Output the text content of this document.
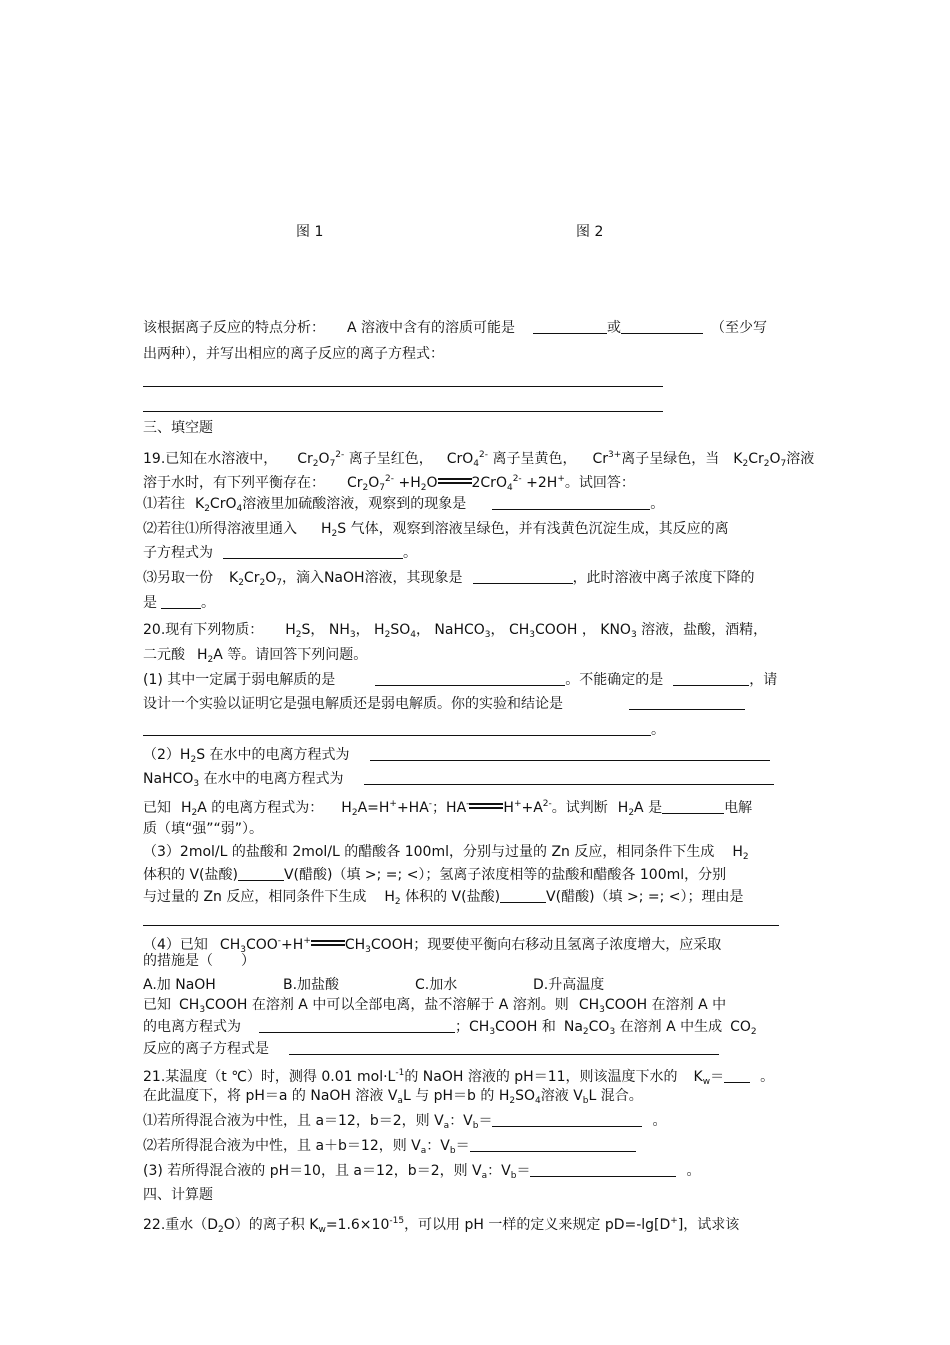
图 1	图 2
该根据离子反应的特点分析： A 溶液中含有的溶质可能是	或	（至少写
出两种），并写出相应的离子反应的离子方程式：
三、填空题
19.已知在水溶液中， $Cr_2O_7^{2-}$ 离子呈红色， CrO$_4^{2-}$ 离子呈黄色， $Cr^{3+}$离子呈绿色，当 $K_2Cr_2O_7$溶液
溶于水时，有下列平衡存在： $Cr_2O_7^{2-} +H_2O$ 2CrO$_4^{2-}$ +2H+。试回答：
⑴若往 $K_2CrO_4$溶液里加硫酸溶液，观察到的现象是	。
⑵若往⑴所得溶液里通入 $H_2S$ 气体，观察到溶液呈绿色，并有浅黄色沉淀生成，其反应的离
子方程式为	。
⑶另取一份 $K_2Cr_2O_7$，滴入NaOH溶液，其现象是	，此时溶液中离子浓度下降的
是	。
20.现有下列物质： $H_2S$， $NH_3$， $H_2SO_4$， NaHCO$_3$， $CH_3COOH$ ， $KNO_3$ 溶液，盐酸，酒精，
二元酸 $H_2A$ 等。请回答下列问题。
(1) 其中一定属于弱电解质的是	。不能确定的是	，请
设计一个实验以证明它是强电解质还是弱电解质。你的实验和结论是
。
$(2)H_2S$ 在水中的电离方程式为
NaHCO$_3$ 在水中的电离方程式为
已知 $H_2A$ 的电离方程式为： $H_2A=H^++HA^-$；HA- $H^++A^{2-}$。试判断 $H_2A$ 是	电解
质（填“强”“弱”）。
（3）2mol/L 的盐酸和 2mol/L 的醋酸各 100ml，分别与过量的 Zn 反应，相同条件下生成 $H_2$
体积的 V(盐酸)	V(醋酸)（填 >; =; <）；氢离子浓度相等的盐酸和醋酸各 100ml，分别
与过量的 Zn 反应，相同条件下生成 $H_2$ 体积的 V(盐酸)	V(醋酸)（填 >; =; <）；理由是
（4）已知 $CH_3COO^-+H^+$ $CH_3COOH$；现要使平衡向右移动且氢离子浓度增大，应采取
的措施是（　　）
A.加 NaOH	B.加盐酸	C.加水	D.升高温度
已知 $CH_3COOH$ 在溶剂 A 中可以全部电离，盐不溶解于 A 溶剂。则 $CH_3COOH$ 在溶剂 A 中
的电离方程式为	；$CH_3COOH$ 和 $Na_2CO_3$ 在溶剂 A 中生成 $CO_2$
反应的离子方程式是
21.某温度（t ℃）时，测得 0.01 $mol\cdot L^{-1}$的 NaOH 溶液的 pH＝11，则该温度下水的 $K_w=$	。
在此温度下，将 pH＝a 的 NaOH 溶液 $V_aL$ 与 pH＝b 的 $H_2SO_4$溶液 $V_bL$ 混合。
⑴若所得混合液为中性，且 a＝12，b＝2，则 $V_a$：$V_b=$	。
⑵若所得混合液为中性，且 a＋b＝12，则 $V_a$：$V_b=$
(3) 若所得混合液的 pH＝10，且 a＝12，b＝2，则 $V_a$：$V_b=$	。
四、计算题
22.重水$(D_2O)$的离子积 $K_w=1.6\times 10^{-15}$，可以用 pH 一样的定义来规定 pD=-lg[D+]，试求该
